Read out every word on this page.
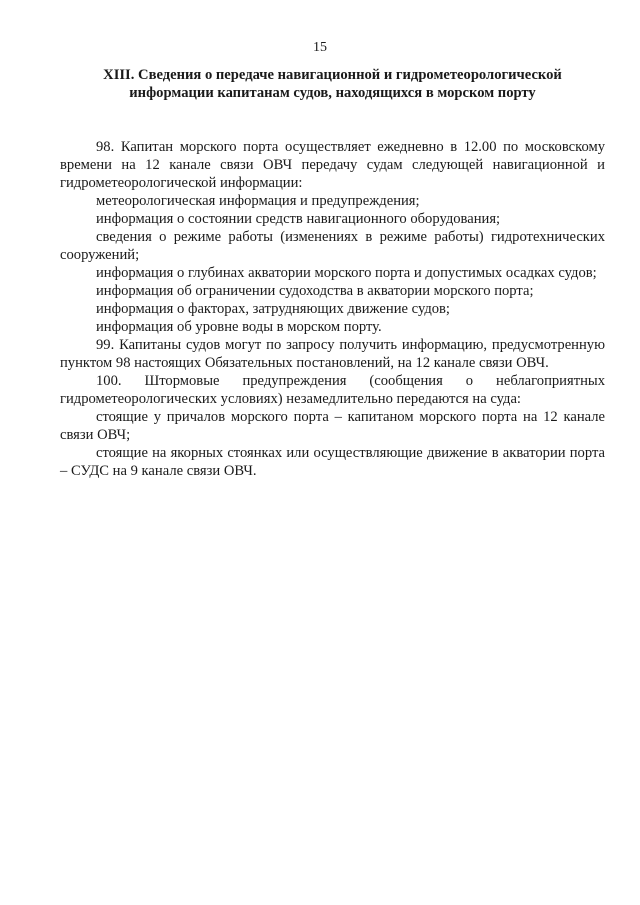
15
XIII. Сведения о передаче навигационной и гидрометеорологической
информации капитанам судов, находящихся в морском порту

98. Капитан морского порта осуществляет ежедневно в 12.00 по московскому времени на 12 канале связи ОВЧ передачу судам следующей навигационной и гидрометеорологической информации:

метеорологическая информация и предупреждения;

информация о состоянии средств навигационного оборудования;

сведения о режиме работы (изменениях в режиме работы) гидротехнических сооружений;

информация о глубинах акватории морского порта и допустимых осадках судов;

информация об ограничении судоходства в акватории морского порта;

информация о факторах, затрудняющих движение судов;

информация об уровне воды в морском порту.

99. Капитаны судов могут по запросу получить информацию, предусмотренную пунктом 98 настоящих Обязательных постановлений, на 12 канале связи ОВЧ.

100. Штормовые предупреждения (сообщения о неблагоприятных гидрометеорологических условиях) незамедлительно передаются на суда:

стоящие у причалов морского порта – капитаном морского порта на 12 канале связи ОВЧ;

стоящие на якорных стоянках или осуществляющие движение в акватории порта – СУДС на 9 канале связи ОВЧ.
